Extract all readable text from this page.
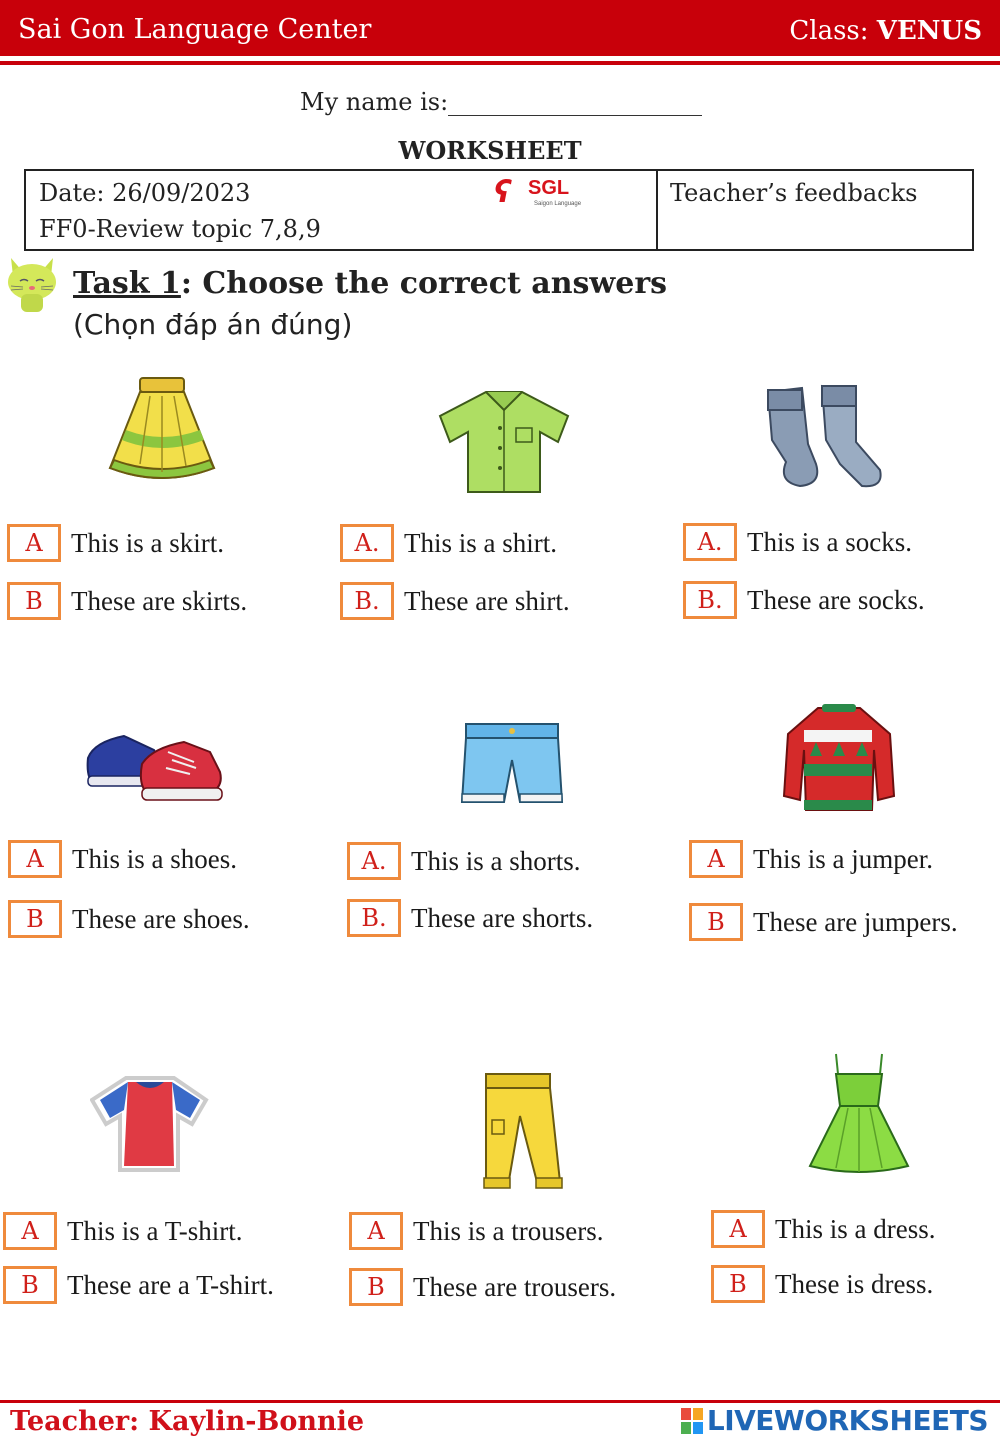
Sai Gon Language Center	Class: VENUS
My name is:
WORKSHEET
Date: 26/09/2023
FF0-Review topic 7,8,9
ʕ SGL
Saigon Language	Teacher’s feedbacks
Task 1: Choose the correct answers
(Chọn đáp án đúng)
A	This is a skirt.
B	These are skirts.
A. This is a shirt.
B. These are shirt.
A. This is a socks.
B. These are socks.
A	This is a shoes.
B	These are shoes.
A. This is a shorts.
B. These are shorts.
A	This is a jumper.
B	These are jumpers.
A	This is a T-shirt.
B	These are a T-shirt.
A	This is a trousers.
B	These are trousers.
A	This is a dress.
B	These is dress.
Teacher: Kaylin-Bonnie	LIVEWORKSHEETS
